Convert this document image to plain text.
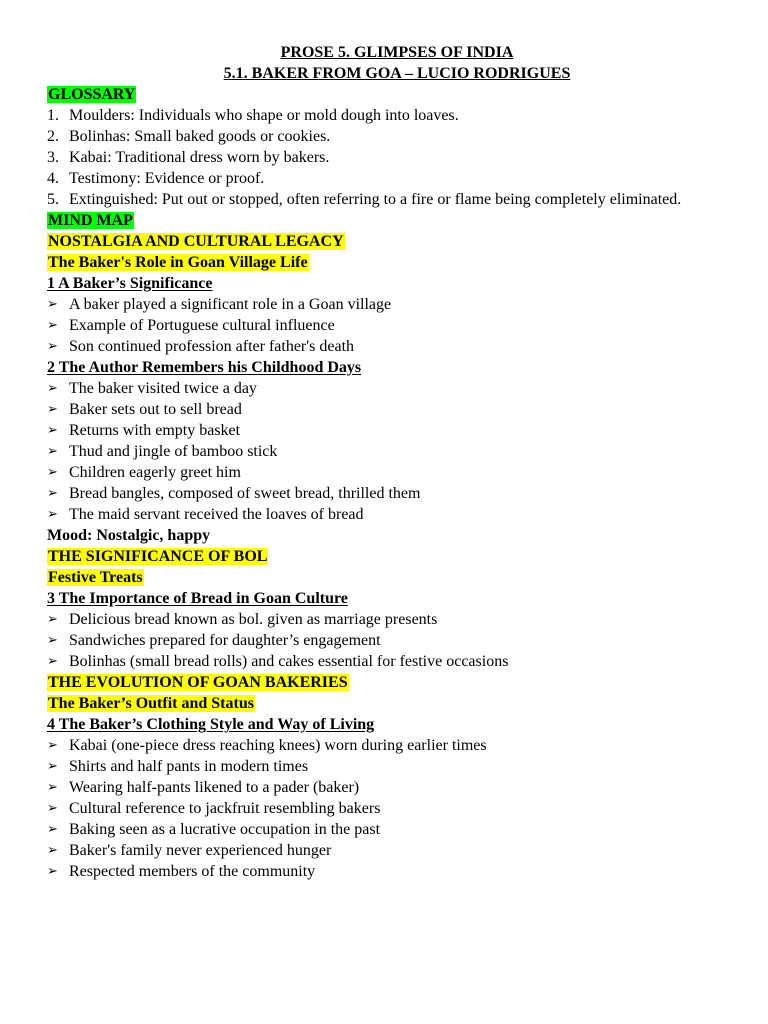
PROSE 5. GLIMPSES OF INDIA
5.1. BAKER FROM GOA – LUCIO RODRIGUES
GLOSSARY
1. Moulders: Individuals who shape or mold dough into loaves.
2. Bolinhas: Small baked goods or cookies.
3. Kabai: Traditional dress worn by bakers.
4. Testimony: Evidence or proof.
5. Extinguished: Put out or stopped, often referring to a fire or flame being completely eliminated.
MIND MAP
NOSTALGIA AND CULTURAL LEGACY
The Baker's Role in Goan Village Life
1 A Baker’s Significance
➢ A baker played a significant role in a Goan village
➢ Example of Portuguese cultural influence
➢ Son continued profession after father's death
2 The Author Remembers his Childhood Days
➢ The baker visited twice a day
➢ Baker sets out to sell bread
➢ Returns with empty basket
➢ Thud and jingle of bamboo stick
➢ Children eagerly greet him
➢ Bread bangles, composed of sweet bread, thrilled them
➢ The maid servant received the loaves of bread
Mood: Nostalgic, happy
THE SIGNIFICANCE OF BOL
Festive Treats
3 The Importance of Bread in Goan Culture
➢ Delicious bread known as bol. given as marriage presents
➢ Sandwiches prepared for daughter’s engagement
➢ Bolinhas (small bread rolls) and cakes essential for festive occasions
THE EVOLUTION OF GOAN BAKERIES
The Baker’s Outfit and Status
4 The Baker’s Clothing Style and Way of Living
➢ Kabai (one-piece dress reaching knees) worn during earlier times
➢ Shirts and half pants in modern times
➢ Wearing half-pants likened to a pader (baker)
➢ Cultural reference to jackfruit resembling bakers
➢ Baking seen as a lucrative occupation in the past
➢ Baker's family never experienced hunger
➢ Respected members of the community
